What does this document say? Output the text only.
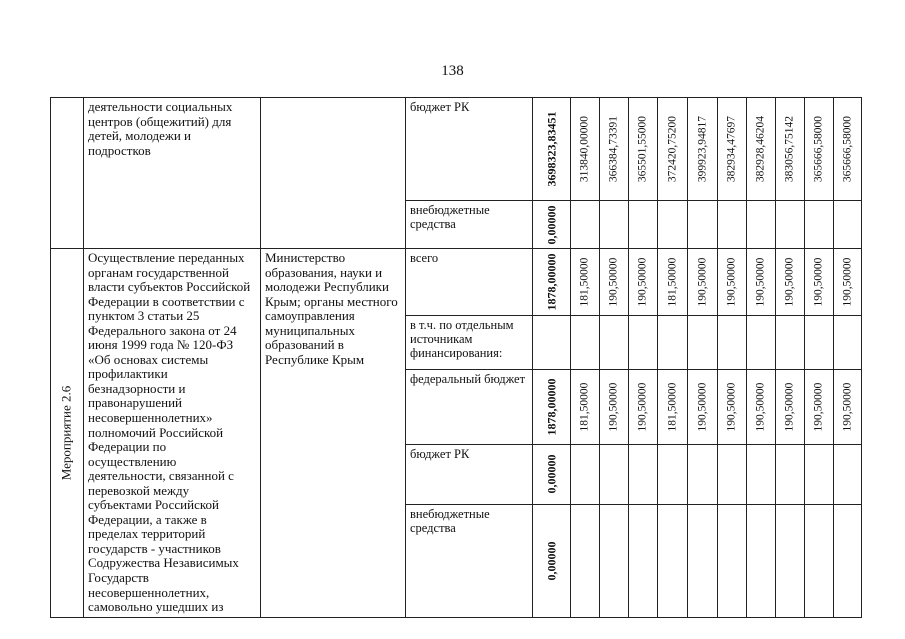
138
	деятельности социальных центров (общежитий) для детей, молодежи и подростков		бюджет РК	3698323,83451	313840,00000	366384,73391	365501,55000	372420,75200	399923,94817	382934,47697	382928,46204	383056,75142	365666,58000	365666,58000

			внебюджетные средства	0,00000										

Мероприятие 2.6	Осуществление переданных органам государственной власти субъектов Российской Федерации в соответствии с пунктом 3 статьи 25 Федерального закона от 24 июня 1999 года № 120-ФЗ «Об основах системы профилактики безнадзорности и правонарушений несовершеннолетних» полномочий Российской Федерации по осуществлению деятельности, связанной с перевозкой между субъектами Российской Федерации, а также в пределах территорий государств - участников Содружества Независимых Государств несовершеннолетних, самовольно ушедших из	Министерство образования, науки и молодежи Республики Крым; органы местного самоуправления муниципальных образований в Республике Крым	всего	1878,00000	181,50000	190,50000	190,50000	181,50000	190,50000	190,50000	190,50000	190,50000	190,50000	190,50000

			в т.ч. по отдельным источникам финансирования:	

			федеральный бюджет	1878,00000	181,50000	190,50000	190,50000	181,50000	190,50000	190,50000	190,50000	190,50000	190,50000	190,50000

			бюджет РК	0,00000										

			внебюджетные средства	0,00000										
